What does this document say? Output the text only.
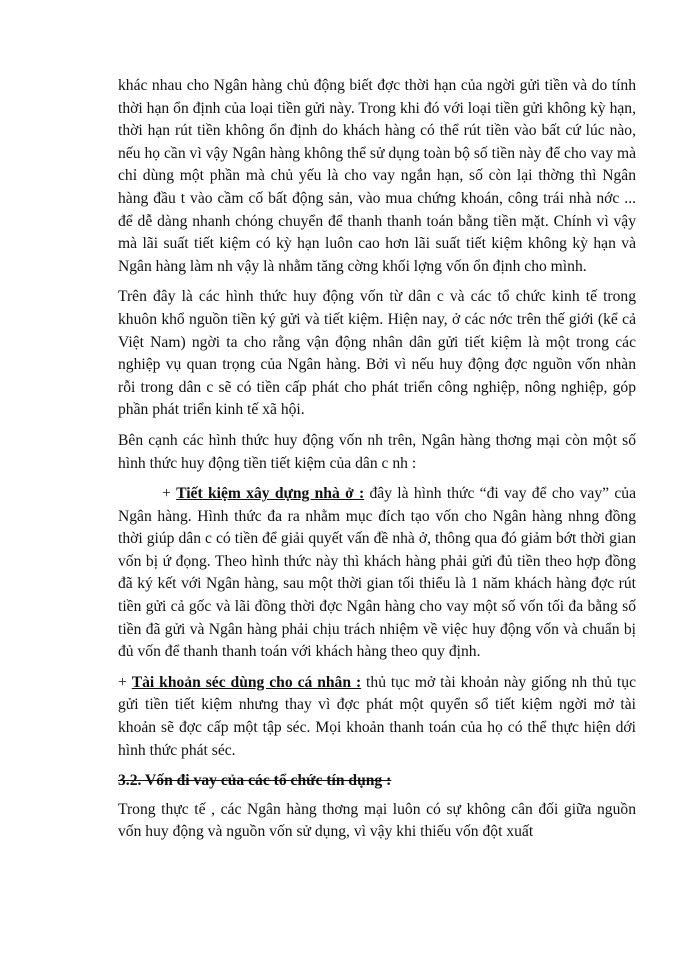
khác nhau cho Ngân hàng chủ động biết đợc thời hạn của ngời gửi tiền và do tính thời hạn ổn định của loại tiền gửi này. Trong khi đó với loại tiền gửi không kỳ hạn, thời hạn rút tiền không ổn định do khách hàng có thể rút tiền vào bất cứ lúc nào, nếu họ cần vì vậy Ngân hàng không thể sử dụng toàn bộ số tiền này để cho vay mà chỉ dùng một phần mà chủ yếu là cho vay ngắn hạn, số còn lại thờng thì Ngân hàng đầu t vào cầm cố bất động sản, vào mua chứng khoán, công trái nhà nớc ... để dễ dàng nhanh chóng chuyển để thanh thanh toán bằng tiền mặt. Chính vì vậy mà lãi suất tiết kiệm có kỳ hạn luôn cao hơn lãi suất tiết kiệm không kỳ hạn và Ngân hàng làm nh vậy là nhằm tăng cờng khối lợng vốn ổn định cho mình.

Trên đây là các hình thức huy động vốn từ dân c và các tổ chức kinh tế trong khuôn khổ nguồn tiền ký gửi và tiết kiệm. Hiện nay, ở các nớc trên thế giới (kể cả Việt Nam) ngời ta cho rằng vận động nhân dân gửi tiết kiệm là một trong các nghiệp vụ quan trọng của Ngân hàng. Bởi vì nếu huy động đợc nguồn vốn nhàn rỗi trong dân c sẽ có tiền cấp phát cho phát triển công nghiệp, nông nghiệp, góp phần phát triển kinh tế xã hội.

Bên cạnh các hình thức huy động vốn nh trên, Ngân hàng thơng mại còn một số hình thức huy động tiền tiết kiệm của dân c nh :

+ Tiết kiệm xây dựng nhà ở : đây là hình thức “đi vay để cho vay” của Ngân hàng. Hình thức đa ra nhằm mục đích tạo vốn cho Ngân hàng nhng đồng thời giúp dân c có tiền để giải quyết vấn đề nhà ở, thông qua đó giảm bớt thời gian vốn bị ứ đọng. Theo hình thức này thì khách hàng phải gửi đủ tiền theo hợp đồng đã ký kết với Ngân hàng, sau một thời gian tối thiểu là 1 năm khách hàng đợc rút tiền gửi cả gốc và lãi đồng thời đợc Ngân hàng cho vay một số vốn tối đa bằng số tiền đã gửi và Ngân hàng phải chịu trách nhiệm về việc huy động vốn và chuẩn bị đủ vốn để thanh thanh toán với khách hàng theo quy định.

+ Tài khoản séc dùng cho cá nhân : thủ tục mở tài khoản này giống nh thủ tục gửi tiền tiết kiệm nhưng thay vì đợc phát một quyển sổ tiết kiệm ngời mở tài khoản sẽ đợc cấp một tập séc. Mọi khoản thanh toán của họ có thể thực hiện dới hình thức phát séc.

3.2. Vốn đi vay của các tổ chức tín dụng :

Trong thực tế , các Ngân hàng thơng mại luôn có sự không cân đối giữa nguồn vốn huy động và nguồn vốn sử dụng, vì vậy khi thiếu vốn đột xuất
